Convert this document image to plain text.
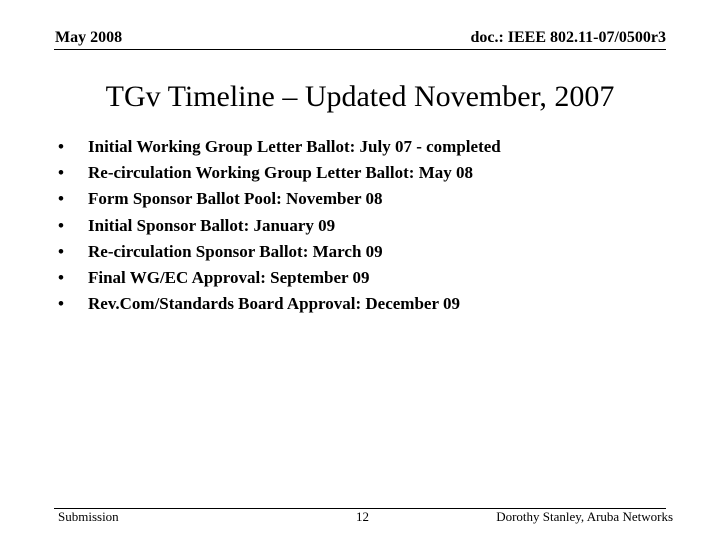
May 2008	doc.: IEEE 802.11-07/0500r3
TGv Timeline – Updated November, 2007
• Initial Working Group Letter Ballot: July 07 - completed
• Re-circulation Working Group Letter Ballot: May 08
• Form Sponsor Ballot Pool: November 08
• Initial Sponsor Ballot: January 09
• Re-circulation Sponsor Ballot: March 09
• Final WG/EC Approval: September 09
• Rev.Com/Standards Board Approval: December 09
Submission	12	Dorothy Stanley, Aruba Networks
